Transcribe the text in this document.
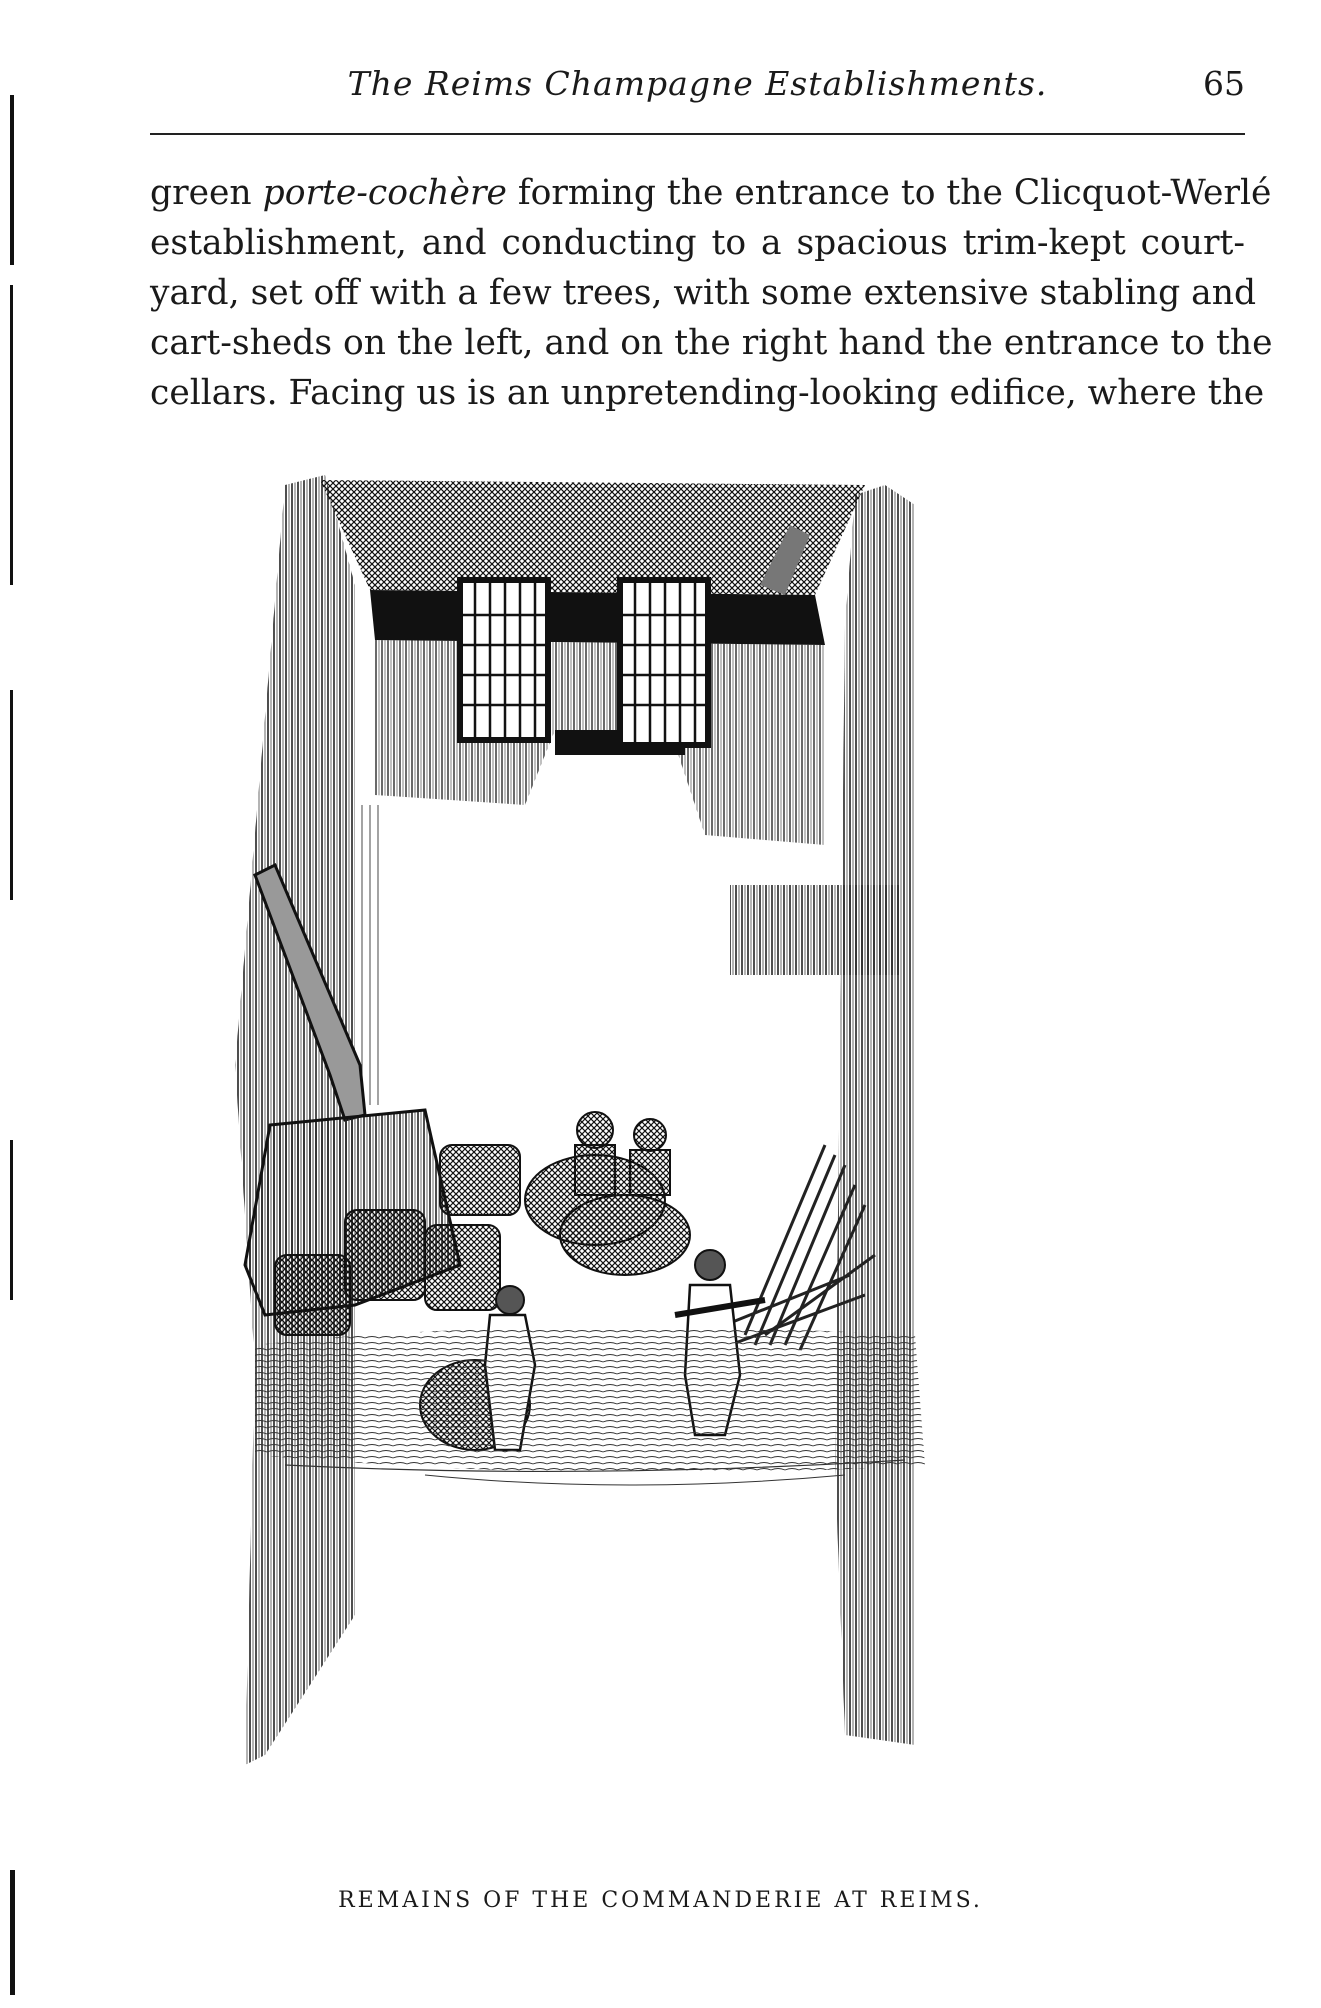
The Reims Champagne Establishments.	65
green porte-cochère forming the entrance to the Clicquot-Werlé
establishment, and conducting to a spacious trim-kept court-
yard, set off with a few trees, with some extensive stabling and
cart-sheds on the left, and on the right hand the entrance to the
cellars. Facing us is an unpretending-looking edifice, where the
REMAINS OF THE COMMANDERIE AT REIMS.
